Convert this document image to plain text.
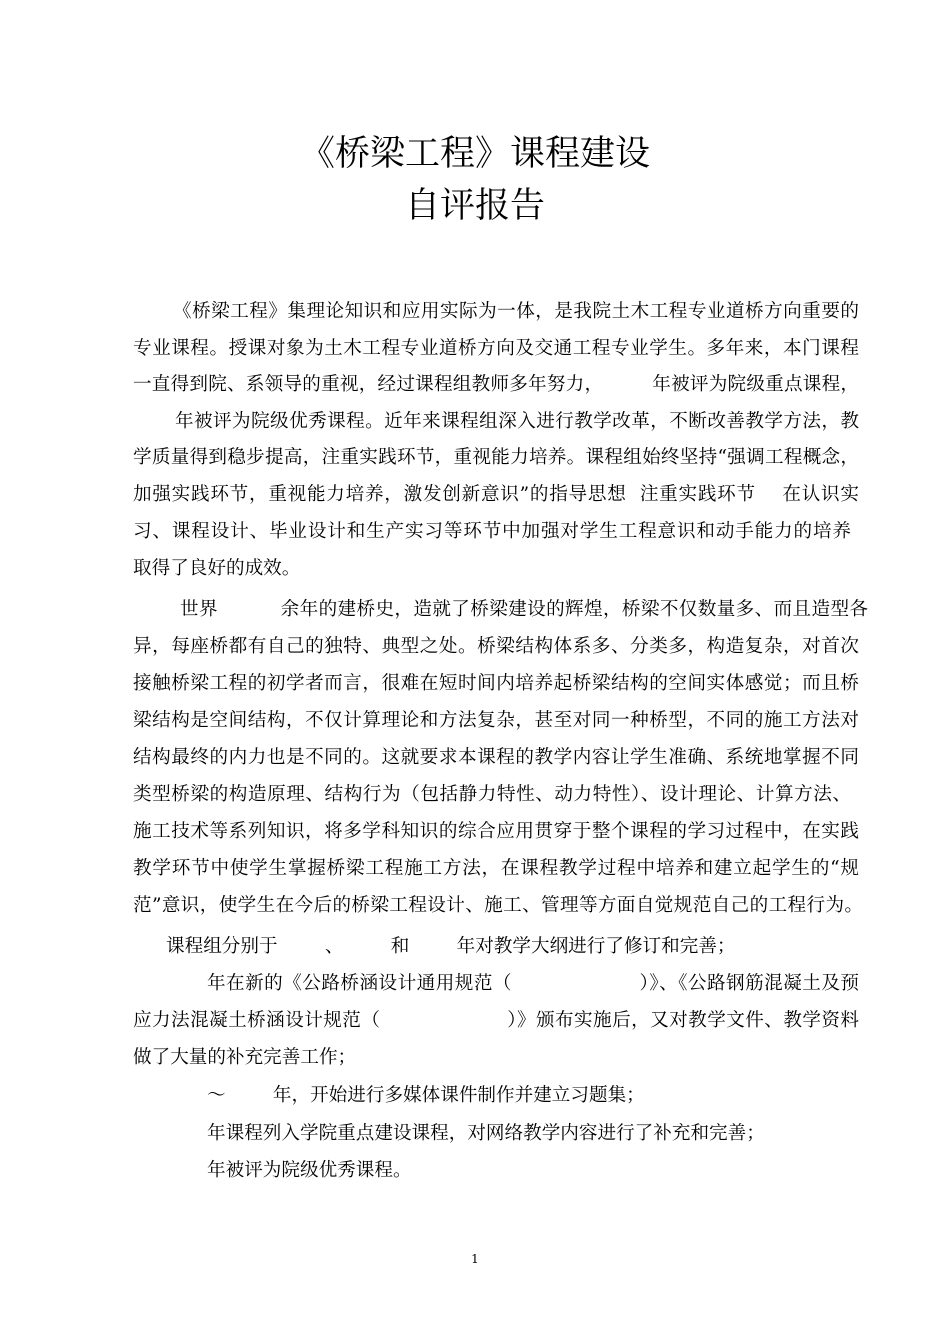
《桥梁工程》课程建设
自评报告
《桥梁工程》集理论知识和应用实际为一体，是我院土木工程专业道桥方向重要的
专业课程。授课对象为土木工程专业道桥方向及交通工程专业学生。多年来，本门课程
一直得到院、系领导的重视，经过课程组教师多年努力，        年被评为院级重点课程，
年被评为院级优秀课程。近年来课程组深入进行教学改革，不断改善教学方法，教
学质量得到稳步提高，注重实践环节，重视能力培养。课程组始终坚持“强调工程概念，
加强实践环节，重视能力培养，激发创新意识”的指导思想  注重实践环节    在认识实
习、课程设计、毕业设计和生产实习等环节中加强对学生工程意识和动手能力的培养
取得了良好的成效。
世界          余年的建桥史，造就了桥梁建设的辉煌，桥梁不仅数量多、而且造型各
异，每座桥都有自己的独特、典型之处。桥梁结构体系多、分类多，构造复杂，对首次
接触桥梁工程的初学者而言，很难在短时间内培养起桥梁结构的空间实体感觉；而且桥
梁结构是空间结构，不仅计算理论和方法复杂，甚至对同一种桥型，不同的施工方法对
结构最终的内力也是不同的。这就要求本课程的教学内容让学生准确、系统地掌握不同
类型桥梁的构造原理、结构行为（包括静力特性、动力特性）、设计理论、计算方法、
施工技术等系列知识，将多学科知识的综合应用贯穿于整个课程的学习过程中，在实践
教学环节中使学生掌握桥梁工程施工方法，在课程教学过程中培养和建立起学生的“规
范”意识，使学生在今后的桥梁工程设计、施工、管理等方面自觉规范自己的工程行为。
课程组分别于        、        和        年对教学大纲进行了修订和完善；
年在新的《公路桥涵设计通用规范（                    ）》、《公路钢筋混凝土及预
应力法混凝土桥涵设计规范（                    ）》颁布实施后，又对教学文件、教学资料
做了大量的补充完善工作；
～        年，开始进行多媒体课件制作并建立习题集；
年课程列入学院重点建设课程，对网络教学内容进行了补充和完善；
年被评为院级优秀课程。
1
